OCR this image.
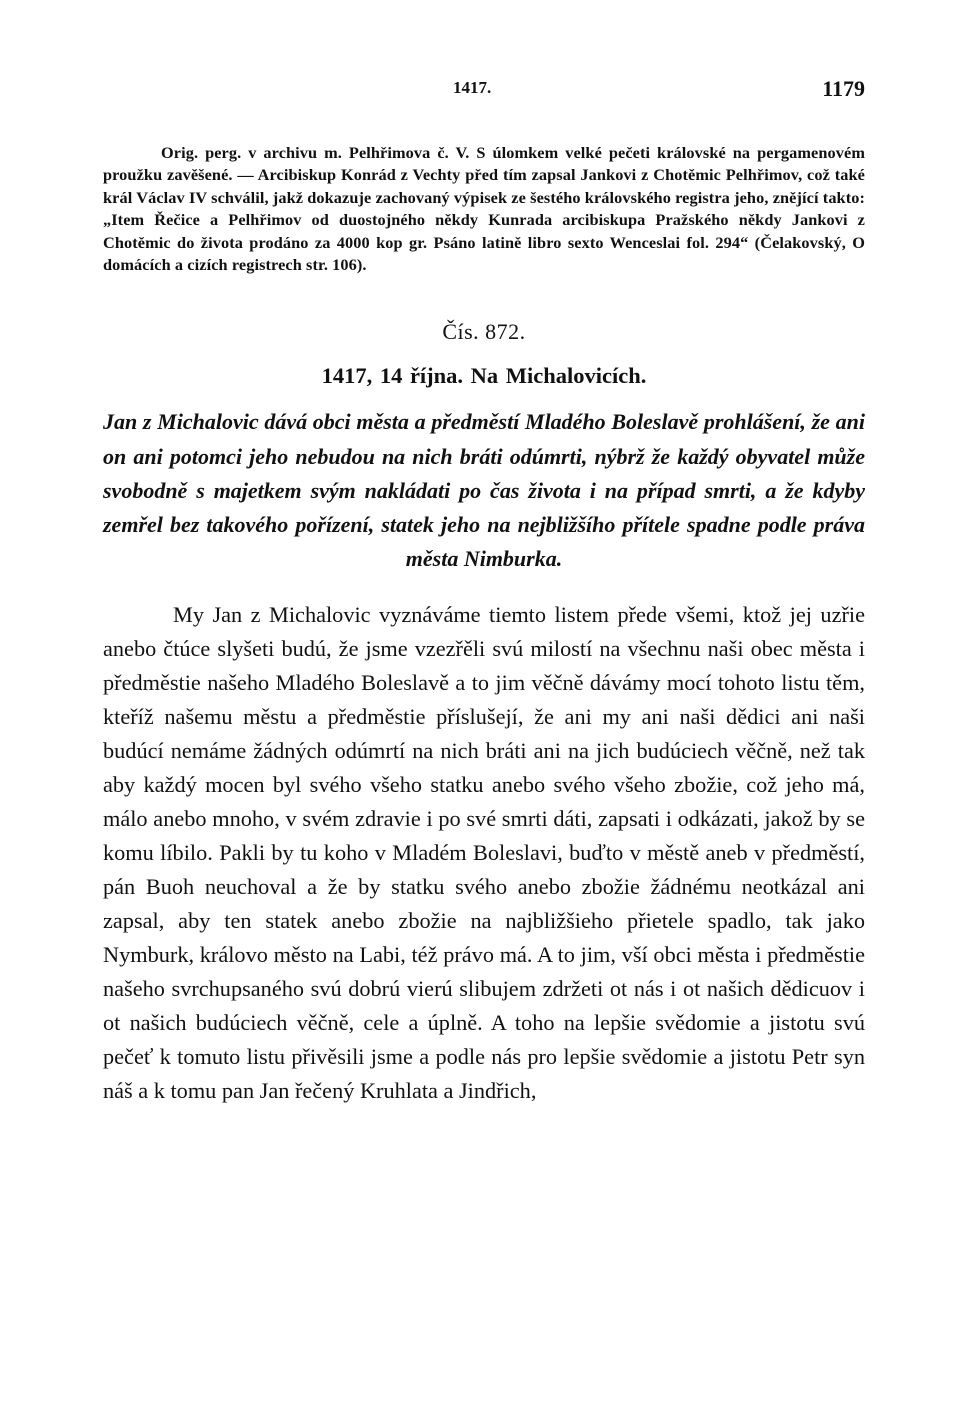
1417.	1179

Orig. perg. v archivu m. Pelhřimova č. V. S úlomkem velké pečeti královské na pergamenovém proužku zavěšené. — Arcibiskup Konrád z Vechty před tím zapsal Jankovi z Chotěmic Pelhřimov, což také král Václav IV schválil, jakž dokazuje zachovaný výpisek ze šestého královského registra jeho, znějící takto: „Item Řečice a Pelhřimov od duostojného někdy Kunrada arcibiskupa Pražského někdy Jankovi z Chotěmic do života prodáno za 4000 kop gr. Psáno latině libro sexto Wenceslai fol. 294“ (Čelakovský, O domácích a cizích registrech str. 106).

Čís. 872.
1417, 14 října. Na Michalovicích.

Jan z Michalovic dává obci města a předměstí Mladého Boleslavě prohlášení, že ani on ani potomci jeho nebudou na nich bráti odúmrti, nýbrž že každý obyvatel může svobodně s majetkem svým nakládati po čas života i na případ smrti, a že kdyby zemřel bez takového pořízení, statek jeho na nejbližšího přítele spadne podle práva města Nimburka.

My Jan z Michalovic vyznáváme tiemto listem přede všemi, ktož jej uzřie anebo čtúce slyšeti budú, že jsme vzezřěli svú milostí na všechnu naši obec města i předměstie našeho Mladého Boleslavě a to jim věčně dávámy mocí tohoto listu těm, kteříž našemu městu a předměstie příslušejí, že ani my ani naši dědici ani naši budúcí nemáme žádných odúmrtí na nich bráti ani na jich budúciech věčně, než tak aby každý mocen byl svého všeho statku anebo svého všeho zbožie, což jeho má, málo anebo mnoho, v svém zdravie i po své smrti dáti, zapsati i odkázati, jakož by se komu líbilo. Pakli by tu koho v Mladém Boleslavi, buďto v městě aneb v předměstí, pán Buoh neuchoval a že by statku svého anebo zbožie žádnému neotkázal ani zapsal, aby ten statek anebo zbožie na najbližšieho přietele spadlo, tak jako Nymburk, královo město na Labi, též právo má. A to jim, vší obci města i předměstie našeho svrchupsaného svú dobrú vierú slibujem zdržeti ot nás i ot našich dědicuov i ot našich budúciech věčně, cele a úplně. A toho na lepšie svědomie a jistotu svú pečeť k tomuto listu přivěsili jsme a podle nás pro lepšie svědomie a jistotu Petr syn náš a k tomu pan Jan řečený Kruhlata a Jindřich,
